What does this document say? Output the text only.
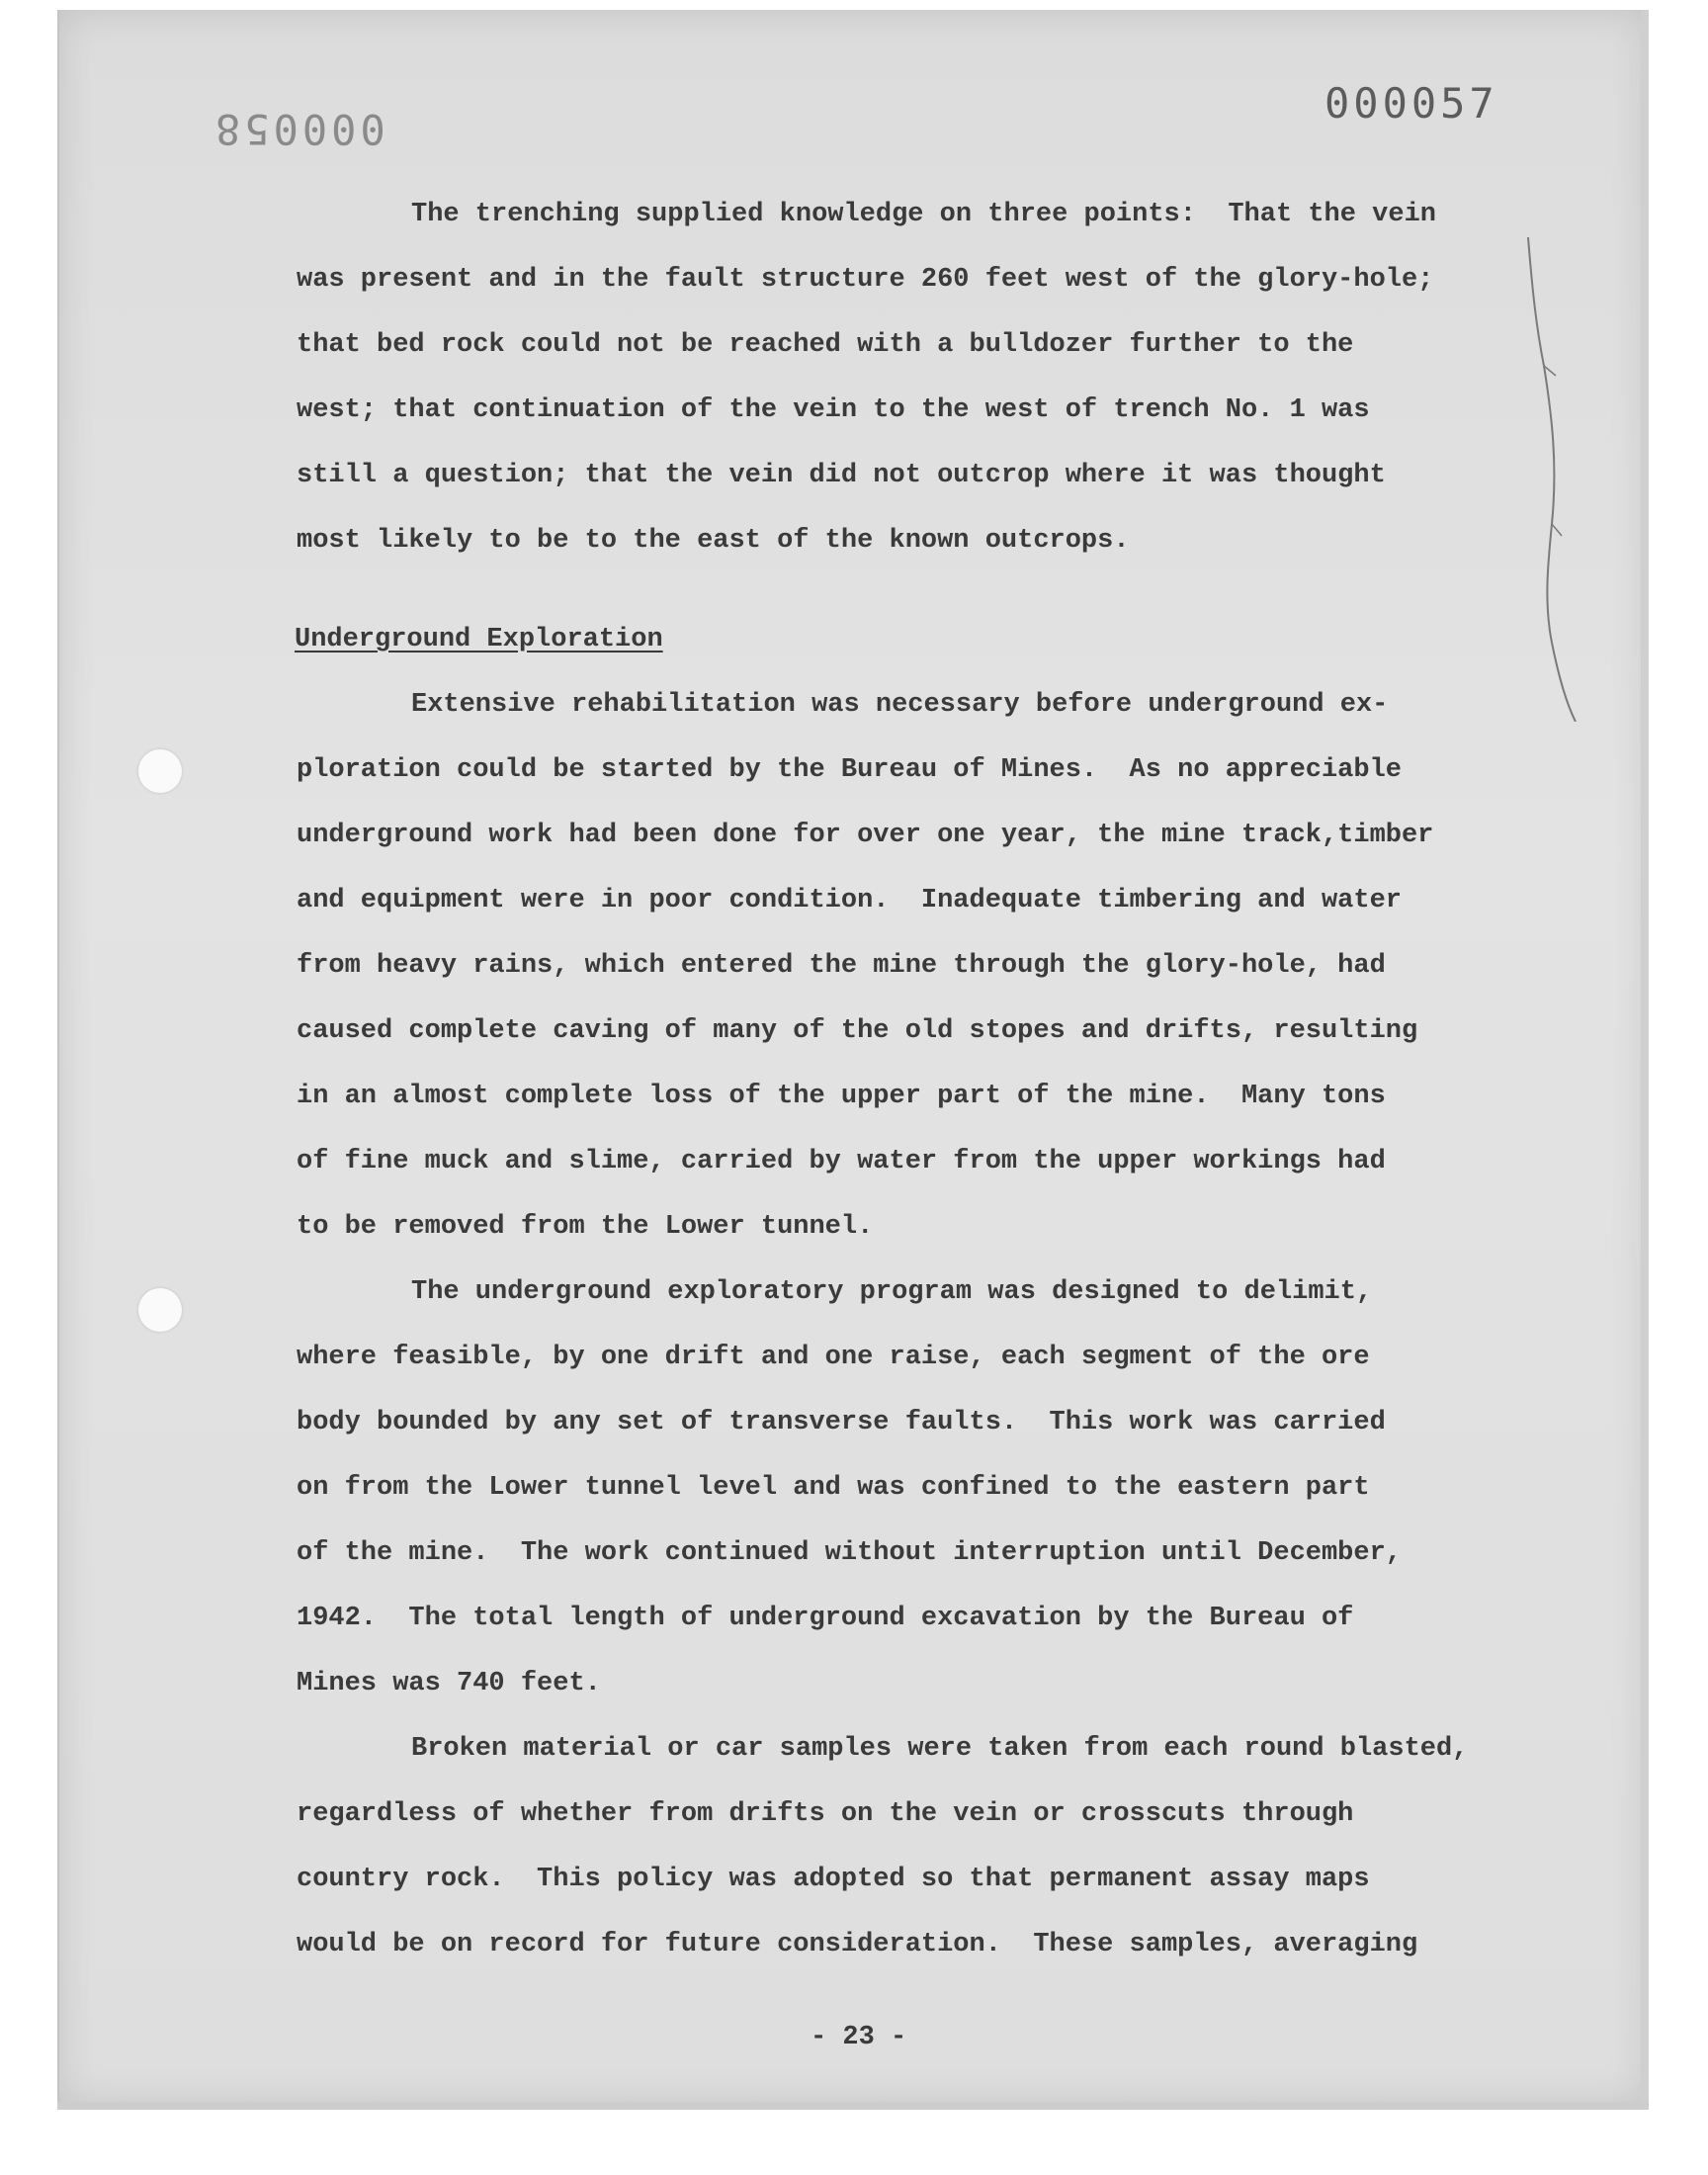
000058
000057
The trenching supplied knowledge on three points:  That the vein
was present and in the fault structure 260 feet west of the glory-hole;
that bed rock could not be reached with a bulldozer further to the
west; that continuation of the vein to the west of trench No. 1 was
still a question; that the vein did not outcrop where it was thought
most likely to be to the east of the known outcrops.
Underground Exploration
Extensive rehabilitation was necessary before underground ex-
ploration could be started by the Bureau of Mines.  As no appreciable
underground work had been done for over one year, the mine track,timber
and equipment were in poor condition.  Inadequate timbering and water
from heavy rains, which entered the mine through the glory-hole, had
caused complete caving of many of the old stopes and drifts, resulting
in an almost complete loss of the upper part of the mine.  Many tons
of fine muck and slime, carried by water from the upper workings had
to be removed from the Lower tunnel.
The underground exploratory program was designed to delimit,
where feasible, by one drift and one raise, each segment of the ore
body bounded by any set of transverse faults.  This work was carried
on from the Lower tunnel level and was confined to the eastern part
of the mine.  The work continued without interruption until December,
1942.  The total length of underground excavation by the Bureau of
Mines was 740 feet.
Broken material or car samples were taken from each round blasted,
regardless of whether from drifts on the vein or crosscuts through
country rock.  This policy was adopted so that permanent assay maps
would be on record for future consideration.  These samples, averaging
- 23 -
